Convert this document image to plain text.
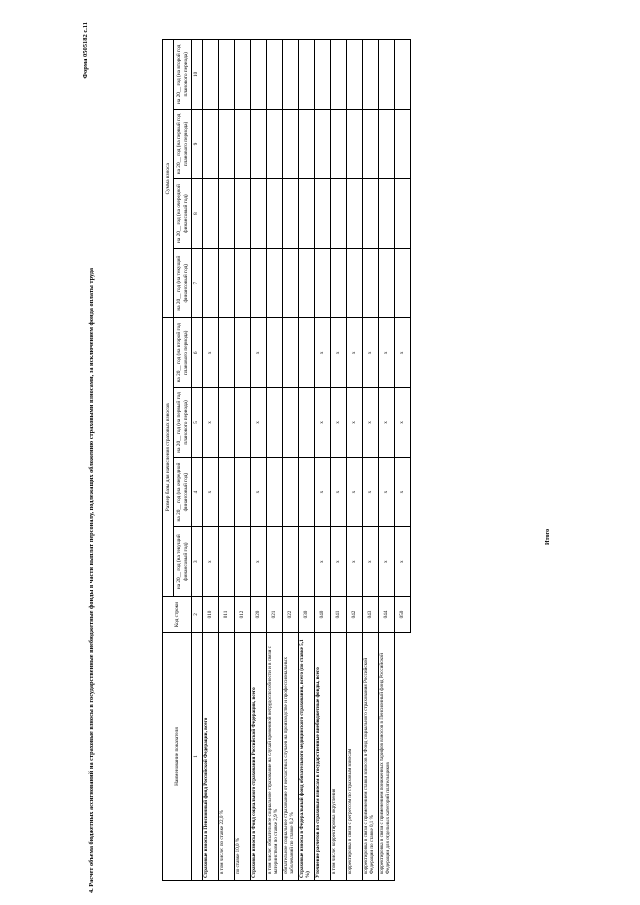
Форма 0505182 с.11
4. Расчет объема бюджетных ассигнований на страховые взносы в государственные внебюджетные фонды в части выплат персоналу, подлежащих обложению страховыми взносами, за исключением фонда оплаты труда	Наименование показателя	Код строки	Размер базы для начисления страховых взносов				Сумма взноса			
		на 20__ год (на текущий финансовый год)	на 20__ год (на очередной финансовый год)	на 20__ год (на первый год планового периода)	на 20__ год (на второй год планового периода)	на 20__ год (на текущий финансовый год)	на 20__ год (на очередной финансовый год)	на 20__ год (на первый год планового периода)	на 20__ год (на второй год планового периода)
1	2	3	4	5	6	7	8	9	10
Страховые взносы в Пенсионный фонд Российской Федерации, всего	010	x	x	x	x				
в том числе: по ставке 22,0 %	011								
по ставке 10,0 %	012								
Страховые взносы в Фонд социального страхования Российской Федерации, всего	020	x	x	x	x				
в том числе: обязательное социальное страхование на случай временной нетрудоспособности и в связи с материнством по ставке 2,9 %	021								
обязательное социальное страхование от несчастных случаев на производстве и профессиональных заболеваний по ставке 0,2 %	022								
Страховые взносы в Федеральный фонд обязательного медицинского страхования, всего (по ставке 5,1 %)	030								
Уточнение расчетов по страховым взносам в государственные внебюджетные фонды, всего	040	x	x	x	x				
в том числе: корректировка округления	041	x	x	x	x				
корректировка в связи с регрессом по страховым взносам	042	x	x	x	x				
корректировка в связи с применением ставки взносов в Фонд социального страхования Российской Федерации по ставке 0,1 %	043	x	x	x	x				
корректировка в связи с применением пониженных тарифов взносов в Пенсионный фонд Российской Федерации для отдельных категорий плательщиков	044	x	x	x	x				
	050	x	x	x	x				
Итого
